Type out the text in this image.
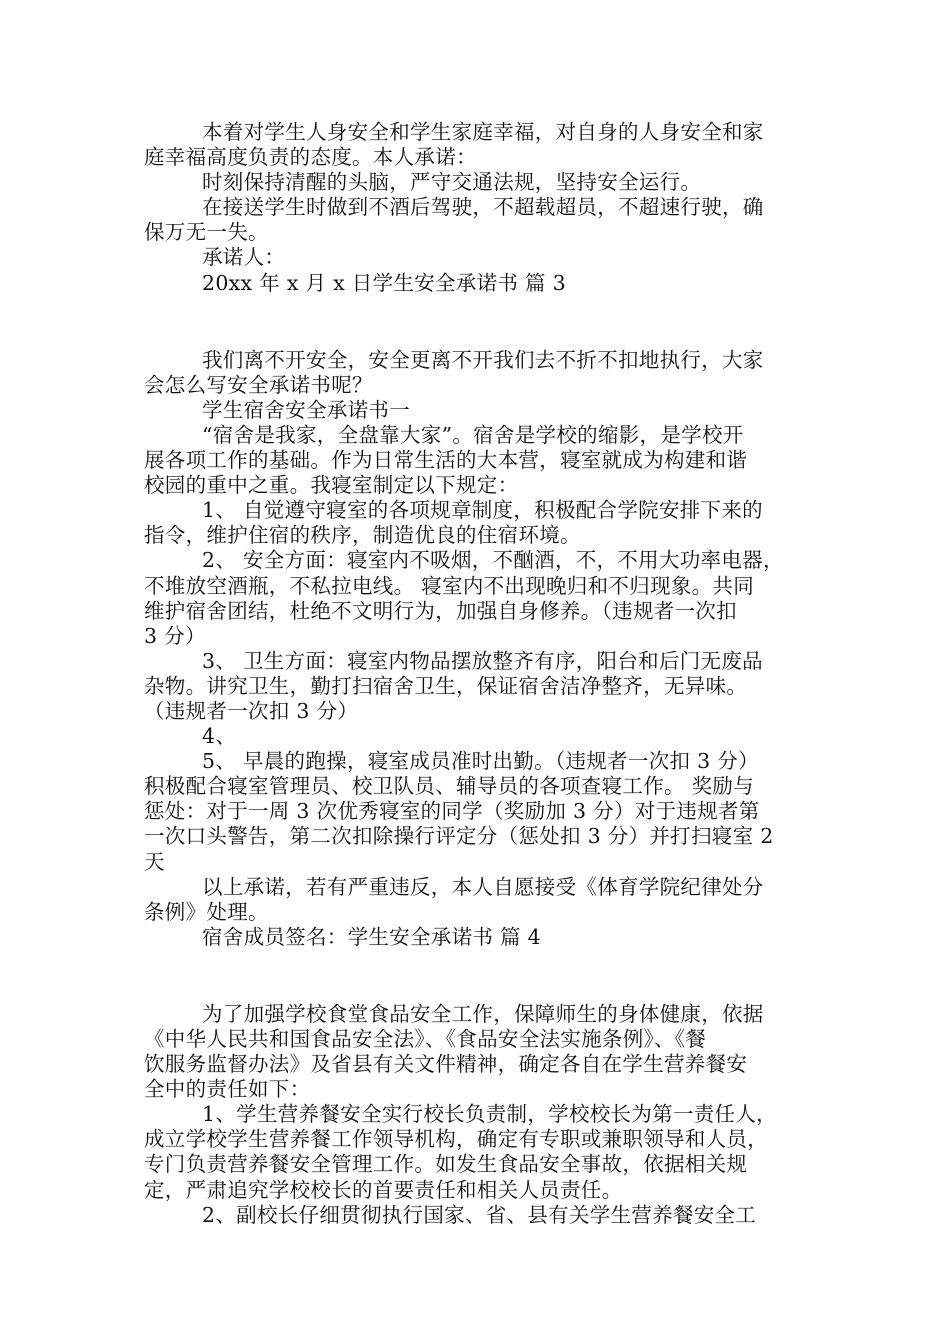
本着对学生人身安全和学生家庭幸福，对自身的人身安全和家
庭幸福高度负责的态度。本人承诺：
时刻保持清醒的头脑，严守交通法规，坚持安全运行。
在接送学生时做到不酒后驾驶，不超载超员，不超速行驶，确
保万无一失。
承诺人：
20xx 年 x 月 x 日学生安全承诺书 篇 3
我们离不开安全，安全更离不开我们去不折不扣地执行，大家
会怎么写安全承诺书呢？
学生宿舍安全承诺书一
“宿舍是我家，全盘靠大家”。宿舍是学校的缩影，是学校开
展各项工作的基础。作为日常生活的大本营，寝室就成为构建和谐
校园的重中之重。我寝室制定以下规定：
1、 自觉遵守寝室的各项规章制度，积极配合学院安排下来的
指令，维护住宿的秩序，制造优良的住宿环境。
2、 安全方面：寝室内不吸烟，不酗酒，不，不用大功率电器，
不堆放空酒瓶，不私拉电线。 寝室内不出现晚归和不归现象。共同
维护宿舍团结，杜绝不文明行为，加强自身修养。（违规者一次扣
3 分）
3、 卫生方面：寝室内物品摆放整齐有序，阳台和后门无废品
杂物。讲究卫生，勤打扫宿舍卫生，保证宿舍洁净整齐，无异味。
（违规者一次扣 3 分）
4、
5、 早晨的跑操，寝室成员准时出勤。（违规者一次扣 3 分）
积极配合寝室管理员、校卫队员、辅导员的各项查寝工作。 奖励与
惩处：对于一周 3 次优秀寝室的同学（奖励加 3 分）对于违规者第
一次口头警告，第二次扣除操行评定分（惩处扣 3 分）并打扫寝室 2
天
以上承诺，若有严重违反，本人自愿接受《体育学院纪律处分
条例》处理。
宿舍成员签名：学生安全承诺书 篇 4
为了加强学校食堂食品安全工作，保障师生的身体健康，依据
《中华人民共和国食品安全法》、《食品安全法实施条例》、《餐
饮服务监督办法》及省县有关文件精神，确定各自在学生营养餐安
全中的责任如下：
1、学生营养餐安全实行校长负责制，学校校长为第一责任人，
成立学校学生营养餐工作领导机构，确定有专职或兼职领导和人员，
专门负责营养餐安全管理工作。如发生食品安全事故，依据相关规
定，严肃追究学校校长的首要责任和相关人员责任。
2、副校长仔细贯彻执行国家、省、县有关学生营养餐安全工
